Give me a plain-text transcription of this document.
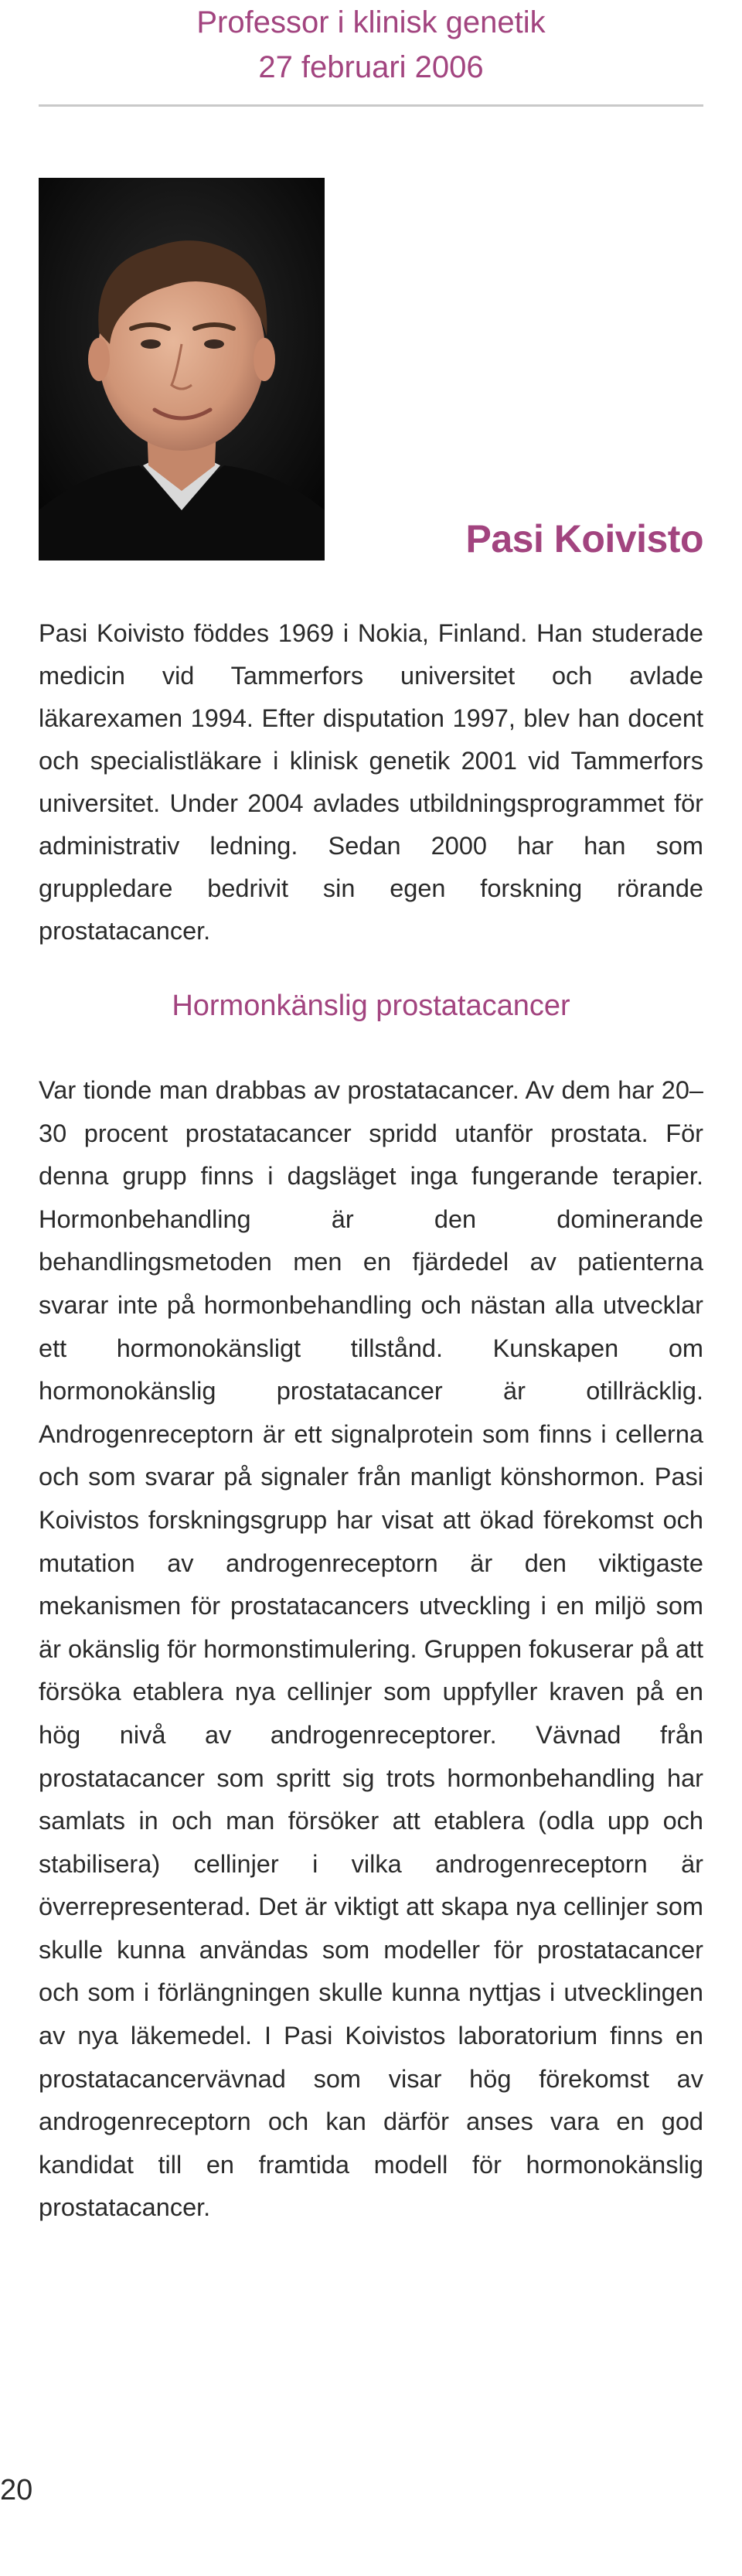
Professor i klinisk genetik
27 februari 2006
Pasi Koivisto

Pasi Koivisto föddes 1969 i Nokia, Finland. Han studerade medicin vid Tammerfors universitet och avlade läkarexamen 1994. Efter disputation 1997, blev han docent och specialistläkare i klinisk genetik 2001 vid Tammerfors universitet. Under 2004 avlades utbildningsprogrammet för administrativ ledning. Sedan 2000 har han som gruppledare bedrivit sin egen forskning rörande prostatacancer.

Hormonkänslig prostatacancer

Var tionde man drabbas av prostatacancer. Av dem har 20–30 procent prostatacancer spridd utanför prostata. För denna grupp finns i dagsläget inga fungerande terapier. Hormonbehandling är den dominerande behandlingsmetoden men en fjärdedel av patienterna svarar inte på hormonbehandling och nästan alla utvecklar ett hormonokänsligt tillstånd. Kunskapen om hormonokänslig prostatacancer är otillräcklig. Androgenreceptorn är ett signalprotein som finns i cellerna och som svarar på signaler från manligt könshormon. Pasi Koivistos forskningsgrupp har visat att ökad förekomst och mutation av androgenreceptorn är den viktigaste mekanismen för prostatacancers utveckling i en miljö som är okänslig för hormonstimulering. Gruppen fokuserar på att försöka etablera nya cellinjer som uppfyller kraven på en hög nivå av androgenreceptorer. Vävnad från prostatacancer som spritt sig trots hormonbehandling har samlats in och man försöker att etablera (odla upp och stabilisera) cellinjer i vilka androgenreceptorn är överrepresenterad. Det är viktigt att skapa nya cellinjer som skulle kunna användas som modeller för prostatacancer och som i förlängningen skulle kunna nyttjas i utvecklingen av nya läkemedel. I Pasi Koivistos laboratorium finns en prostatacancervävnad som visar hög förekomst av androgenreceptorn och kan därför anses vara en god kandidat till en framtida modell för hormonokänslig prostatacancer.

20
